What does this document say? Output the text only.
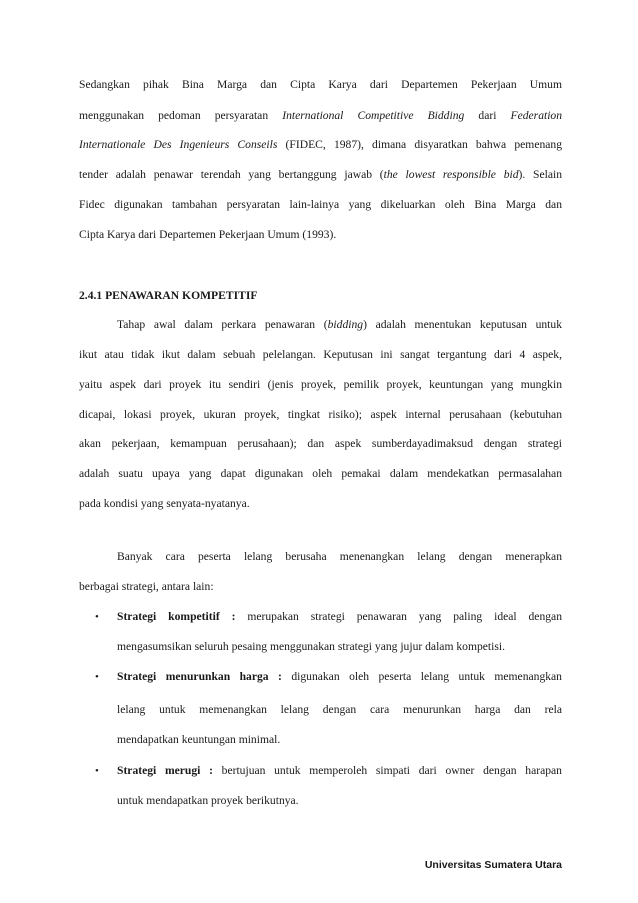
Sedangkan pihak Bina Marga dan Cipta Karya dari Departemen Pekerjaan Umum
menggunakan pedoman persyaratan International Competitive Bidding dari Federation
Internationale Des Ingenieurs Conseils (FIDEC, 1987), dimana disyaratkan bahwa pemenang
tender adalah penawar terendah yang bertanggung jawab (the lowest responsible bid). Selain
Fidec digunakan tambahan persyaratan lain-lainya yang dikeluarkan oleh Bina Marga dan
Cipta Karya dari Departemen Pekerjaan Umum (1993).
2.4.1 PENAWARAN KOMPETITIF
Tahap awal dalam perkara penawaran (bidding) adalah menentukan keputusan untuk
ikut atau tidak ikut dalam sebuah pelelangan. Keputusan ini sangat tergantung dari 4 aspek,
yaitu aspek dari proyek itu sendiri (jenis proyek, pemilik proyek, keuntungan yang mungkin
dicapai, lokasi proyek, ukuran proyek, tingkat risiko); aspek internal perusahaan (kebutuhan
akan pekerjaan, kemampuan perusahaan); dan aspek sumberdayadimaksud dengan strategi
adalah suatu upaya yang dapat digunakan oleh pemakai dalam mendekatkan permasalahan
pada kondisi yang senyata-nyatanya.
Banyak cara peserta lelang berusaha menenangkan lelang dengan menerapkan
berbagai strategi, antara lain:
• Strategi kompetitif : merupakan strategi penawaran yang paling ideal dengan
mengasumsikan seluruh pesaing menggunakan strategi yang jujur dalam kompetisi.
• Strategi menurunkan harga : digunakan oleh peserta lelang untuk memenangkan
lelang untuk memenangkan lelang dengan cara menurunkan harga dan rela
mendapatkan keuntungan minimal.
• Strategi merugi : bertujuan untuk memperoleh simpati dari owner dengan harapan
untuk mendapatkan proyek berikutnya.
Universitas Sumatera Utara
